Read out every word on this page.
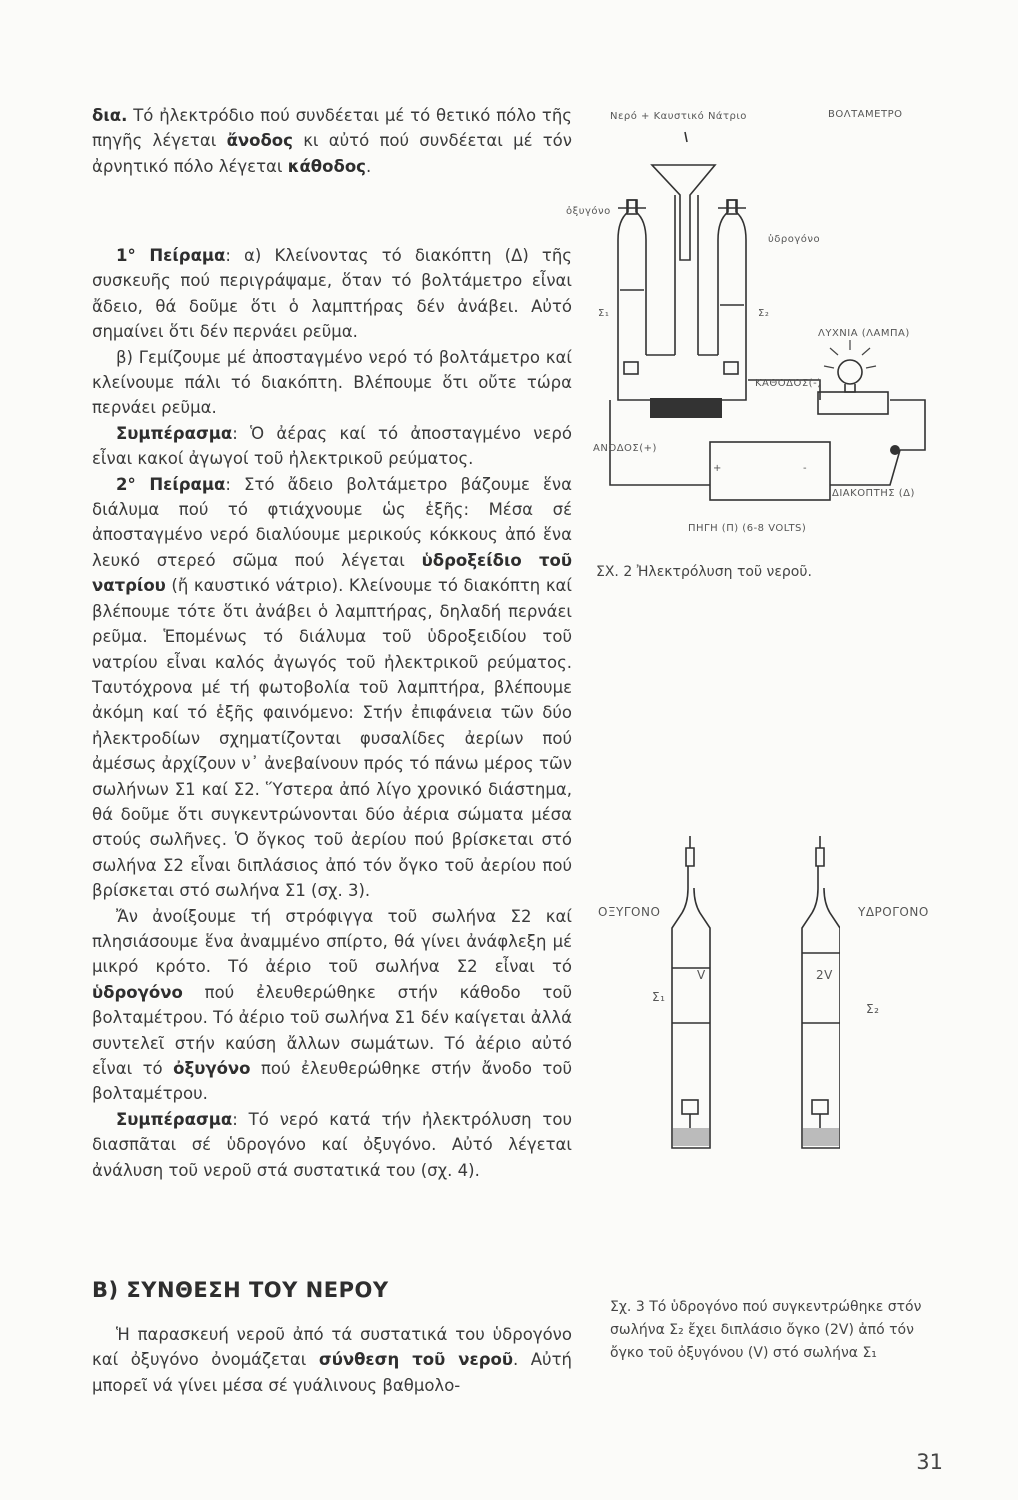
δια. Τό ἠλεκτρόδιο πού συνδέεται μέ τό θετικό πόλο τῆς πηγῆς λέγεται ἄνοδος κι αὐτό πού συνδέεται μέ τόν ἀρνητικό πόλο λέγεται κάθοδος.

1° Πείραμα: α) Κλείνοντας τό διακόπτη (Δ) τῆς συσκευῆς πού περιγράψαμε, ὅταν τό βολτάμετρο εἶναι ἄδειο, θά δοῦμε ὅτι ὁ λαμπτήρας δέν ἀνάβει. Αὐτό σημαίνει ὅτι δέν περνάει ρεῦμα.

β) Γεμίζουμε μέ ἀποσταγμένο νερό τό βολτάμετρο καί κλείνουμε πάλι τό διακόπτη. Βλέπουμε ὅτι οὔτε τώρα περνάει ρεῦμα.

Συμπέρασμα: Ὁ ἀέρας καί τό ἀποσταγμένο νερό εἶναι κακοί ἀγωγοί τοῦ ἠλεκτρικοῦ ρεύματος.

2° Πείραμα: Στό ἄδειο βολτάμετρο βάζουμε ἕνα διάλυμα πού τό φτιάχνουμε ὡς ἑξῆς: Μέσα σέ ἀποσταγμένο νερό διαλύουμε μερικούς κόκκους ἀπό ἕνα λευκό στερεό σῶμα πού λέγεται ὑδροξείδιο τοῦ νατρίου (ἤ καυστικό νάτριο). Κλείνουμε τό διακόπτη καί βλέπουμε τότε ὅτι ἀνάβει ὁ λαμπτήρας, δηλαδή περνάει ρεῦμα. Ἑπομένως τό διάλυμα τοῦ ὑδροξειδίου τοῦ νατρίου εἶναι καλός ἀγωγός τοῦ ἠλεκτρικοῦ ρεύματος. Ταυτόχρονα μέ τή φωτοβολία τοῦ λαμπτήρα, βλέπουμε ἀκόμη καί τό ἑξῆς φαινόμενο: Στήν ἐπιφάνεια τῶν δύο ἠλεκτροδίων σχηματίζονται φυσαλίδες ἀερίων πού ἀμέσως ἀρχίζουν ν᾽ ἀνεβαίνουν πρός τό πάνω μέρος τῶν σωλήνων Σ1 καί Σ2. Ὕστερα ἀπό λίγο χρονικό διάστημα, θά δοῦμε ὅτι συγκεντρώνονται δύο ἀέρια σώματα μέσα στούς σωλῆνες. Ὁ ὄγκος τοῦ ἀερίου πού βρίσκεται στό σωλήνα Σ2 εἶναι διπλάσιος ἀπό τόν ὄγκο τοῦ ἀερίου πού βρίσκεται στό σωλήνα Σ1 (σχ. 3).

Ἄν ἀνοίξουμε τή στρόφιγγα τοῦ σωλήνα Σ2 καί πλησιάσουμε ἕνα ἀναμμένο σπίρτο, θά γίνει ἀνάφλεξη μέ μικρό κρότο. Τό ἀέριο τοῦ σωλήνα Σ2 εἶναι τό ὑδρογόνο πού ἐλευθερώθηκε στήν κάθοδο τοῦ βολταμέτρου. Τό ἀέριο τοῦ σωλήνα Σ1 δέν καίγεται ἀλλά συντελεῖ στήν καύση ἄλλων σωμάτων. Τό ἀέριο αὐτό εἶναι τό ὀξυγόνο πού ἐλευθερώθηκε στήν ἄνοδο τοῦ βολταμέτρου.

Συμπέρασμα: Τό νερό κατά τήν ἠλεκτρόλυση του διασπᾶται σέ ὑδρογόνο καί ὀξυγόνο. Αὐτό λέγεται ἀνάλυση τοῦ νεροῦ στά συστατικά του (σχ. 4).

Β) ΣΥΝΘΕΣΗ ΤΟΥ ΝΕΡΟΥ

Ἡ παρασκευή νεροῦ ἀπό τά συστατικά του ὑδρογόνο καί ὀξυγόνο ὀνομάζεται σύνθεση τοῦ νεροῦ. Αὐτή μπορεῖ νά γίνει μέσα σέ γυάλινους βαθμολο-

Νερό + Καυστικό Νάτριο	ΒΟΛΤΑΜΕΤΡΟ
ὀξυγόνο
ὑδρογόνο
Σ₁	Σ₂
ΛΥΧΝΙΑ (ΛΑΜΠΑ)
ΚΑΘΟΔΟΣ(-)
ΑΝΟΔΟΣ(+)
+	-
ΔΙΑΚΟΠΤΗΣ (Δ)
ΠΗΓΗ (Π) (6-8 VOLTS)
ΣΧ. 2 Ἠλεκτρόλυση τοῦ νεροῦ.
ΟΞΥΓΟΝΟ	ΥΔΡΟΓΟΝΟ
V	2V
Σ₁
Σ₂
Σχ. 3 Τό ὑδρογόνο πού συγκεντρώθηκε στόν σωλήνα Σ₂ ἔχει διπλάσιο ὄγκο (2V) ἀπό τόν ὄγκο τοῦ ὀξυγόνου (V) στό σωλήνα Σ₁
31
